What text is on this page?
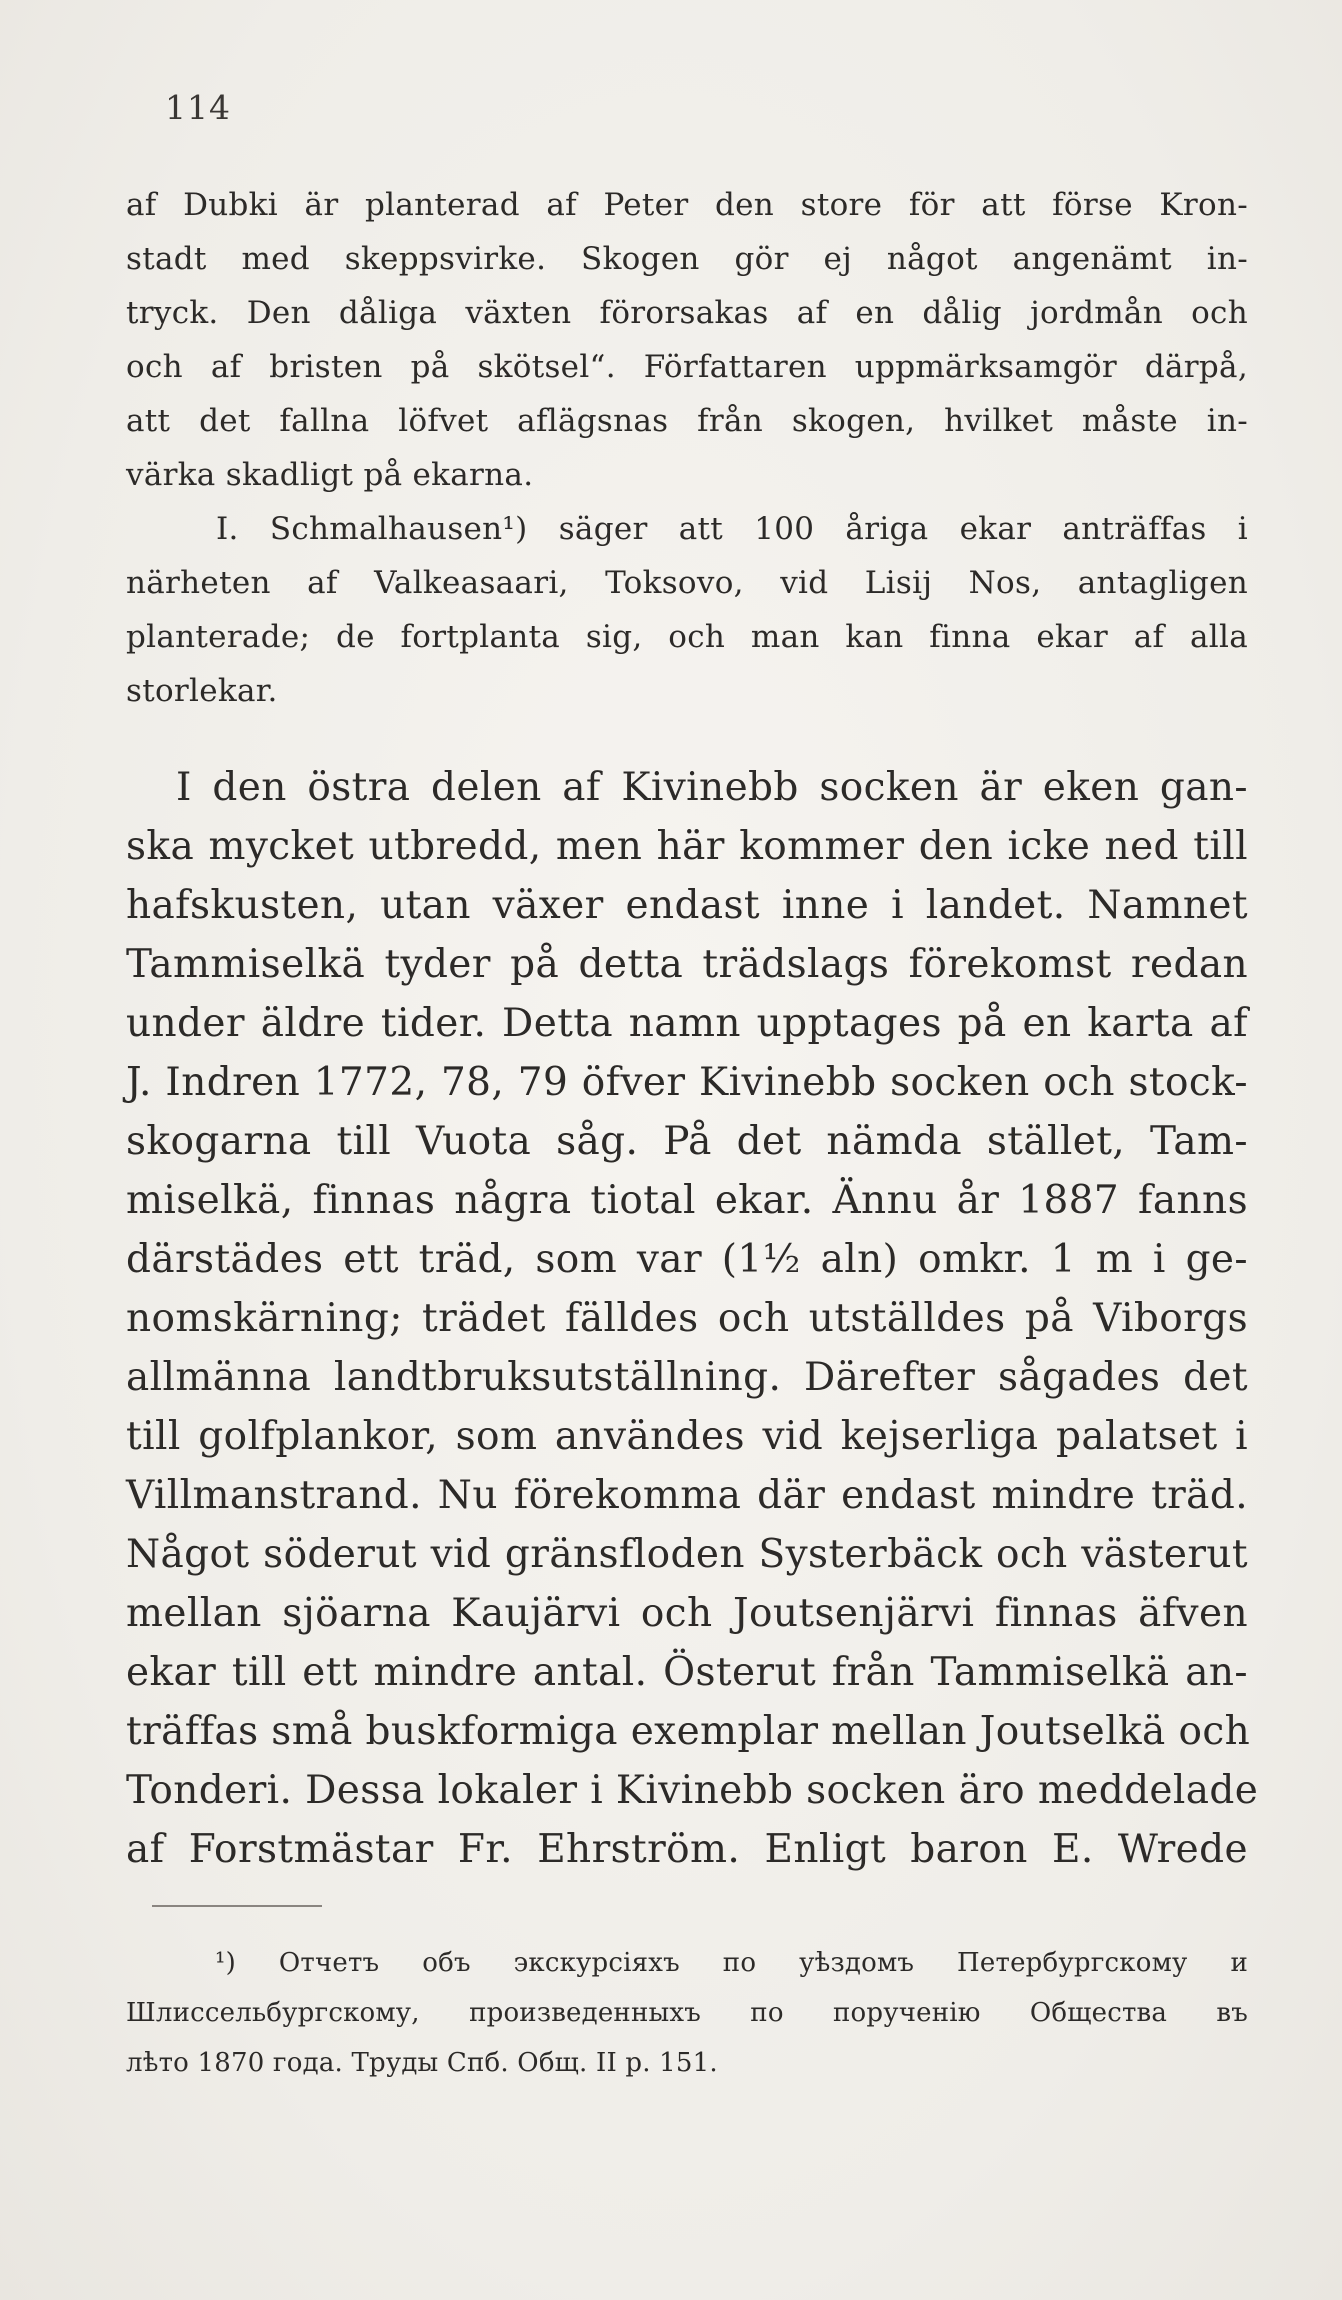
114
af Dubki är planterad af Peter den store för att förse Kron-
stadt med skeppsvirke. Skogen gör ej något angenämt in-
tryck. Den dåliga växten förorsakas af en dålig jordmån och
och af bristen på skötsel“. Författaren uppmärksamgör därpå,
att det fallna löfvet aflägsnas från skogen, hvilket måste in-
värka skadligt på ekarna.
I. Schmalhausen¹) säger att 100 åriga ekar anträffas i
närheten af Valkeasaari, Toksovo, vid Lisij Nos, antagligen
planterade; de fortplanta sig, och man kan finna ekar af alla
storlekar.
I den östra delen af Kivinebb socken är eken gan-
ska mycket utbredd, men här kommer den icke ned till
hafskusten, utan växer endast inne i landet. Namnet
Tammiselkä tyder på detta trädslags förekomst redan
under äldre tider. Detta namn upptages på en karta af
J. Indren 1772, 78, 79 öfver Kivinebb socken och stock-
skogarna till Vuota såg. På det nämda stället, Tam-
miselkä, finnas några tiotal ekar. Ännu år 1887 fanns
därstädes ett träd, som var (1½ aln) omkr. 1 m i ge-
nomskärning; trädet fälldes och utställdes på Viborgs
allmänna landtbruksutställning. Därefter sågades det
till golfplankor, som användes vid kejserliga palatset i
Villmanstrand. Nu förekomma där endast mindre träd.
Något söderut vid gränsfloden Systerbäck och västerut
mellan sjöarna Kaujärvi och Joutsenjärvi finnas äfven
ekar till ett mindre antal. Österut från Tammiselkä an-
träffas små buskformiga exemplar mellan Joutselkä och
Tonderi. Dessa lokaler i Kivinebb socken äro meddelade
af Forstmästar Fr. Ehrström. Enligt baron E. Wrede
¹) Отчетъ объ экскурсіяхъ по уѣздомъ Петербургскому и
Шлиссельбургскому, произведенныхъ по порученію Общества въ
лѣто 1870 года. Труды Спб. Общ. II p. 151.
